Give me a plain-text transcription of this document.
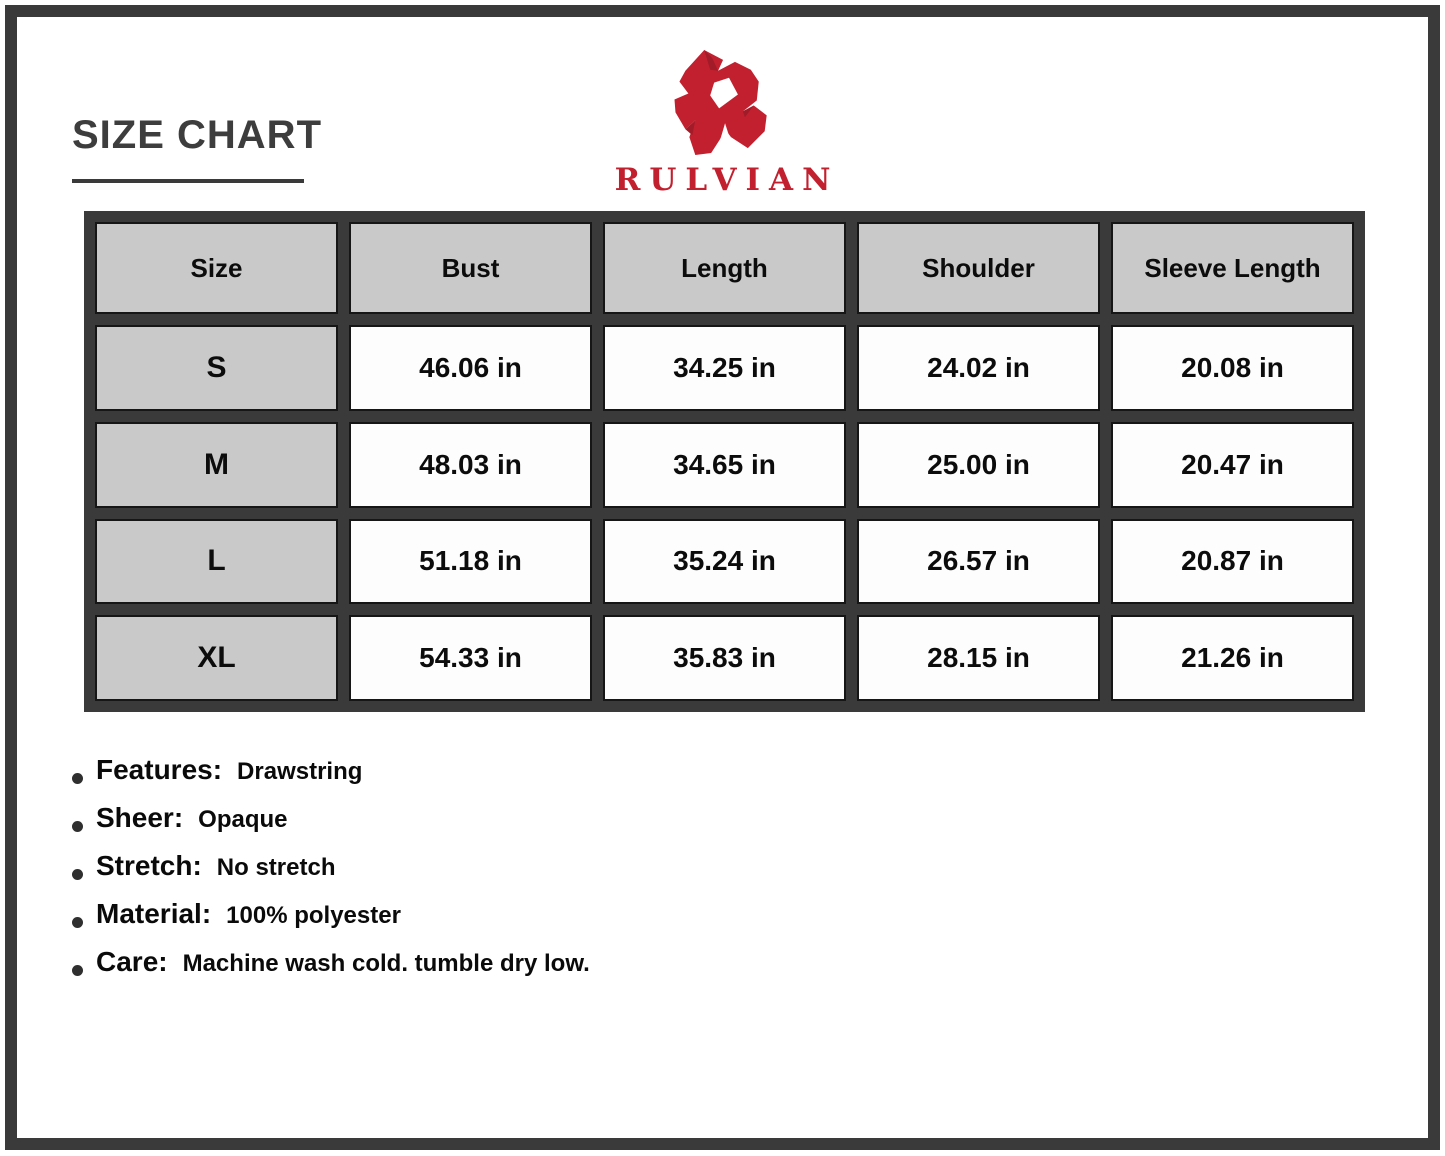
SIZE CHART
RULVIAN
Size	Bust	Length	Shoulder	Sleeve Length
S	46.06 in	34.25 in	24.02 in	20.08 in
M	48.03 in	34.65 in	25.00 in	20.47 in
L	51.18 in	35.24 in	26.57 in	20.87 in
XL	54.33 in	35.83 in	28.15 in	21.26 in
Features: Drawstring
Sheer: Opaque
Stretch: No stretch
Material: 100% polyester
Care: Machine wash cold. tumble dry low.
